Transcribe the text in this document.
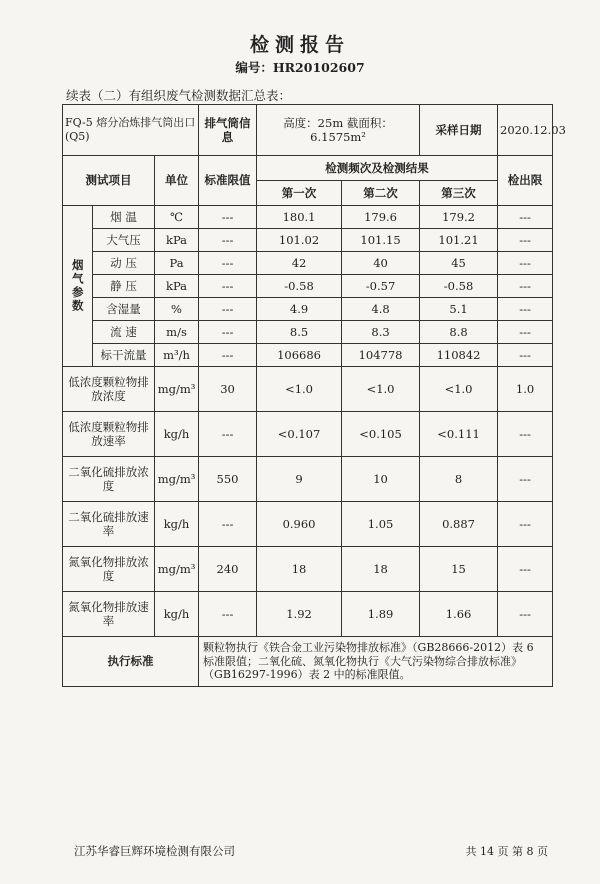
检测报告
编号：HR20102607
续表（二）有组织废气检测数据汇总表：
FQ-5 熔分冶炼排气筒出口(Q5)			排气筒信息	高度：25m 截面积：6.1575m²		采样日期	2020.12.03
测试项目		单位	标准限值	检测频次及检测结果			检出限
				第一次	第二次	第三次	

烟气参数	烟 温	℃	---	180.1	179.6	179.2	---
	大气压	kPa	---	101.02	101.15	101.21	---
	动 压	Pa	---	42	40	45	---
	静 压	kPa	---	-0.58	-0.57	-0.58	---
	含湿量	%	---	4.9	4.8	5.1	---
	流 速	m/s	---	8.5	8.3	8.8	---
	标干流量	m³/h	---	106686	104778	110842	---
低浓度颗粒物排放浓度		mg/m³	30	<1.0	<1.0	<1.0	1.0
低浓度颗粒物排放速率		kg/h	---	<0.107	<0.105	<0.111	---
二氧化硫排放浓度		mg/m³	550	9	10	8	---
二氧化硫排放速率		kg/h	---	0.960	1.05	0.887	---
氮氧化物排放浓度		mg/m³	240	18	18	15	---
氮氧化物排放速率		kg/h	---	1.92	1.89	1.66	---
执行标准			颗粒物执行《铁合金工业污染物排放标准》（GB28666-2012）表 6 标准限值；二氧化硫、氮氧化物执行《大气污染物综合排放标准》（GB16297-1996）表 2 中的标准限值。				
江苏华睿巨辉环境检测有限公司	共 14 页 第 8 页
